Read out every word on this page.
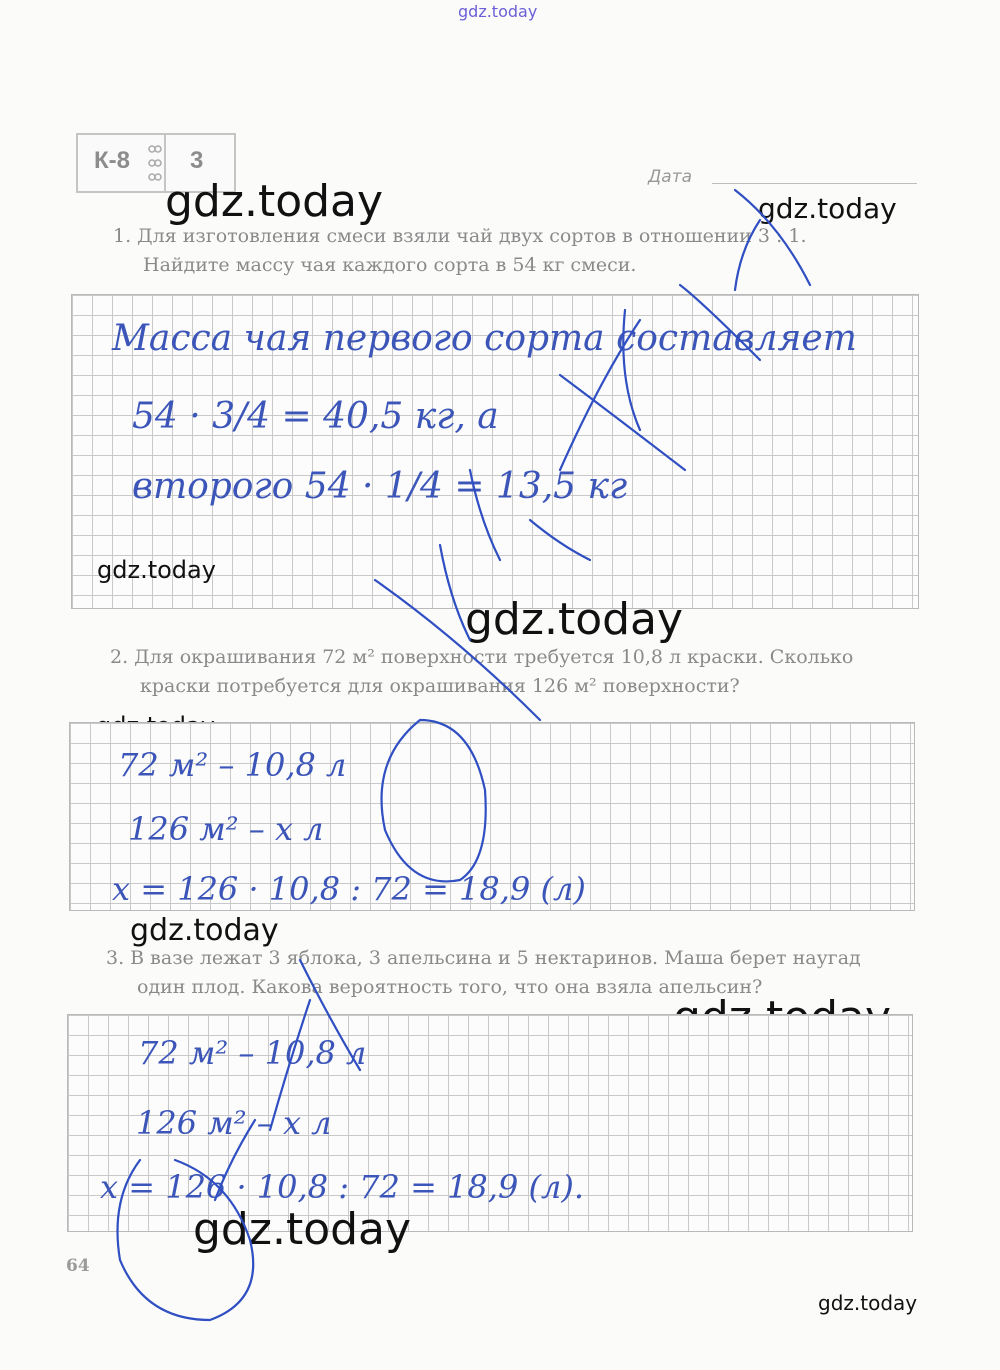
gdz.today
К-8	3
Дата
gdz.today	gdz.today
1. Для изготовления смеси взяли чай двух сортов в отношении 3 : 1.
Найдите массу чая каждого сорта в 54 кг смеси.
Масса чая первого сорта составляет
54 · 3/4 = 40,5 кг, а
второго 54 · 1/4 = 13,5 кг
gdz.today
gdz.today
2. Для окрашивания 72 м² поверхности требуется 10,8 л краски. Сколько
краски потребуется для окрашивания 126 м² поверхности?
72 м² – 10,8 л
126 м² – х л
х = 126 · 10,8 : 72 = 18,9 (л)
gdz.today
3. В вазе лежат 3 яблока, 3 апельсина и 5 нектаринов. Маша берет наугад
один плод. Какова вероятность того, что она взяла апельсин?
72 м² – 10,8 л
126 м² – х л
х = 126 · 10,8 : 72 = 18,9 (л).
gdz.today
64
gdz.today
